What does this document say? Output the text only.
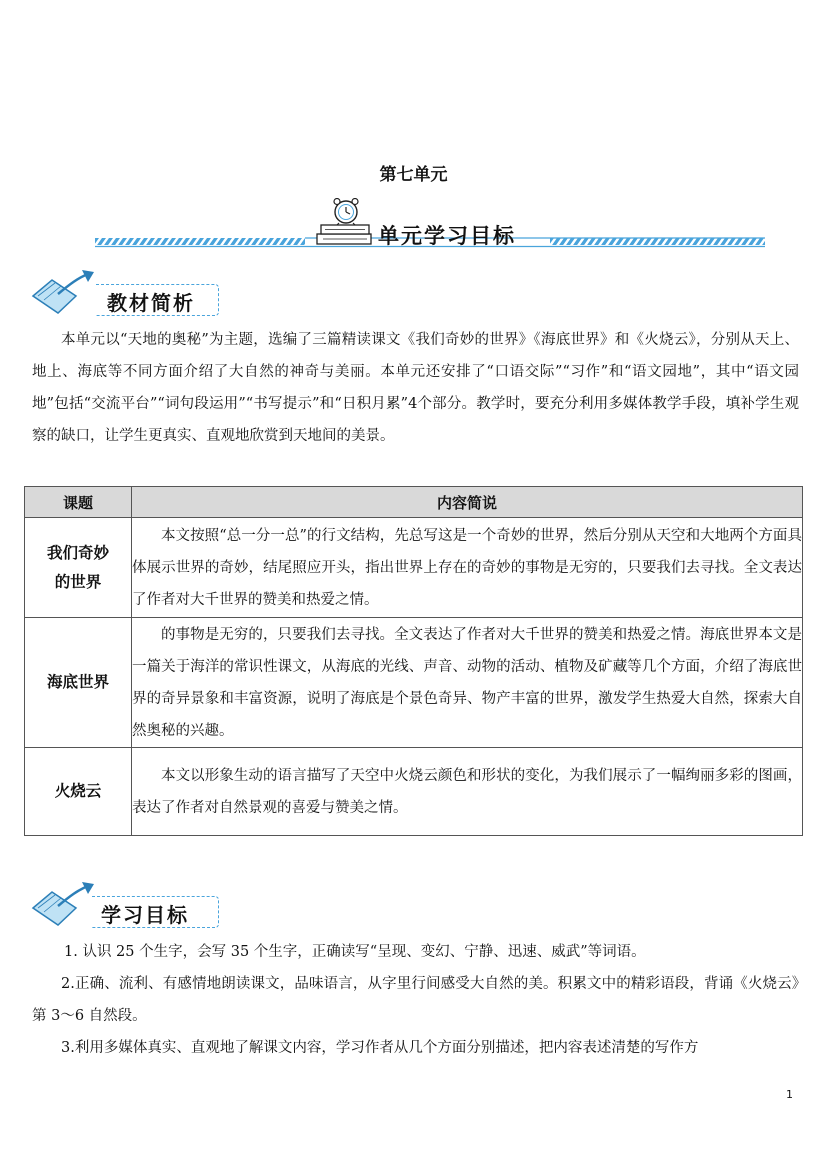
第七单元
单元学习目标
教材简析
本单元以“天地的奥秘”为主题，选编了三篇精读课文《我们奇妙的世界》《海底世界》和《火烧云》，分别从天上、地上、海底等不同方面介绍了大自然的神奇与美丽。本单元还安排了“口语交际”“习作”和“语文园地”，其中“语文园地”包括“交流平台”“词句段运用”“书写提示”和“日积月累”4个部分。教学时，要充分利用多媒体教学手段，填补学生观察的缺口，让学生更真实、直观地欣赏到天地间的美景。
课题	内容简说

我们奇妙的世界	本文按照“总一分一总”的行文结构，先总写这是一个奇妙的世界，然后分别从天空和大地两个方面具体展示世界的奇妙，结尾照应开头，指出世界上存在的奇妙的事物是无穷的，只要我们去寻找。全文表达了作者对大千世界的赞美和热爱之情。
海底世界	的事物是无穷的，只要我们去寻找。全文表达了作者对大千世界的赞美和热爱之情。海底世界本文是一篇关于海洋的常识性课文，从海底的光线、声音、动物的活动、植物及矿藏等几个方面，介绍了海底世界的奇异景象和丰富资源，说明了海底是个景色奇异、物产丰富的世界，激发学生热爱大自然，探索大自然奥秘的兴趣。
火烧云	本文以形象生动的语言描写了天空中火烧云颜色和形状的变化，为我们展示了一幅绚丽多彩的图画，表达了作者对自然景观的喜爱与赞美之情。
学习目标
1. 认识 25 个生字，会写 35 个生字，正确读写“呈现、变幻、宁静、迅速、威武”等词语。
2.正确、流利、有感情地朗读课文，品味语言，从字里行间感受大自然的美。积累文中的精彩语段，背诵《火烧云》第 3～6 自然段。
3.利用多媒体真实、直观地了解课文内容，学习作者从几个方面分别描述，把内容表述清楚的写作方
1
